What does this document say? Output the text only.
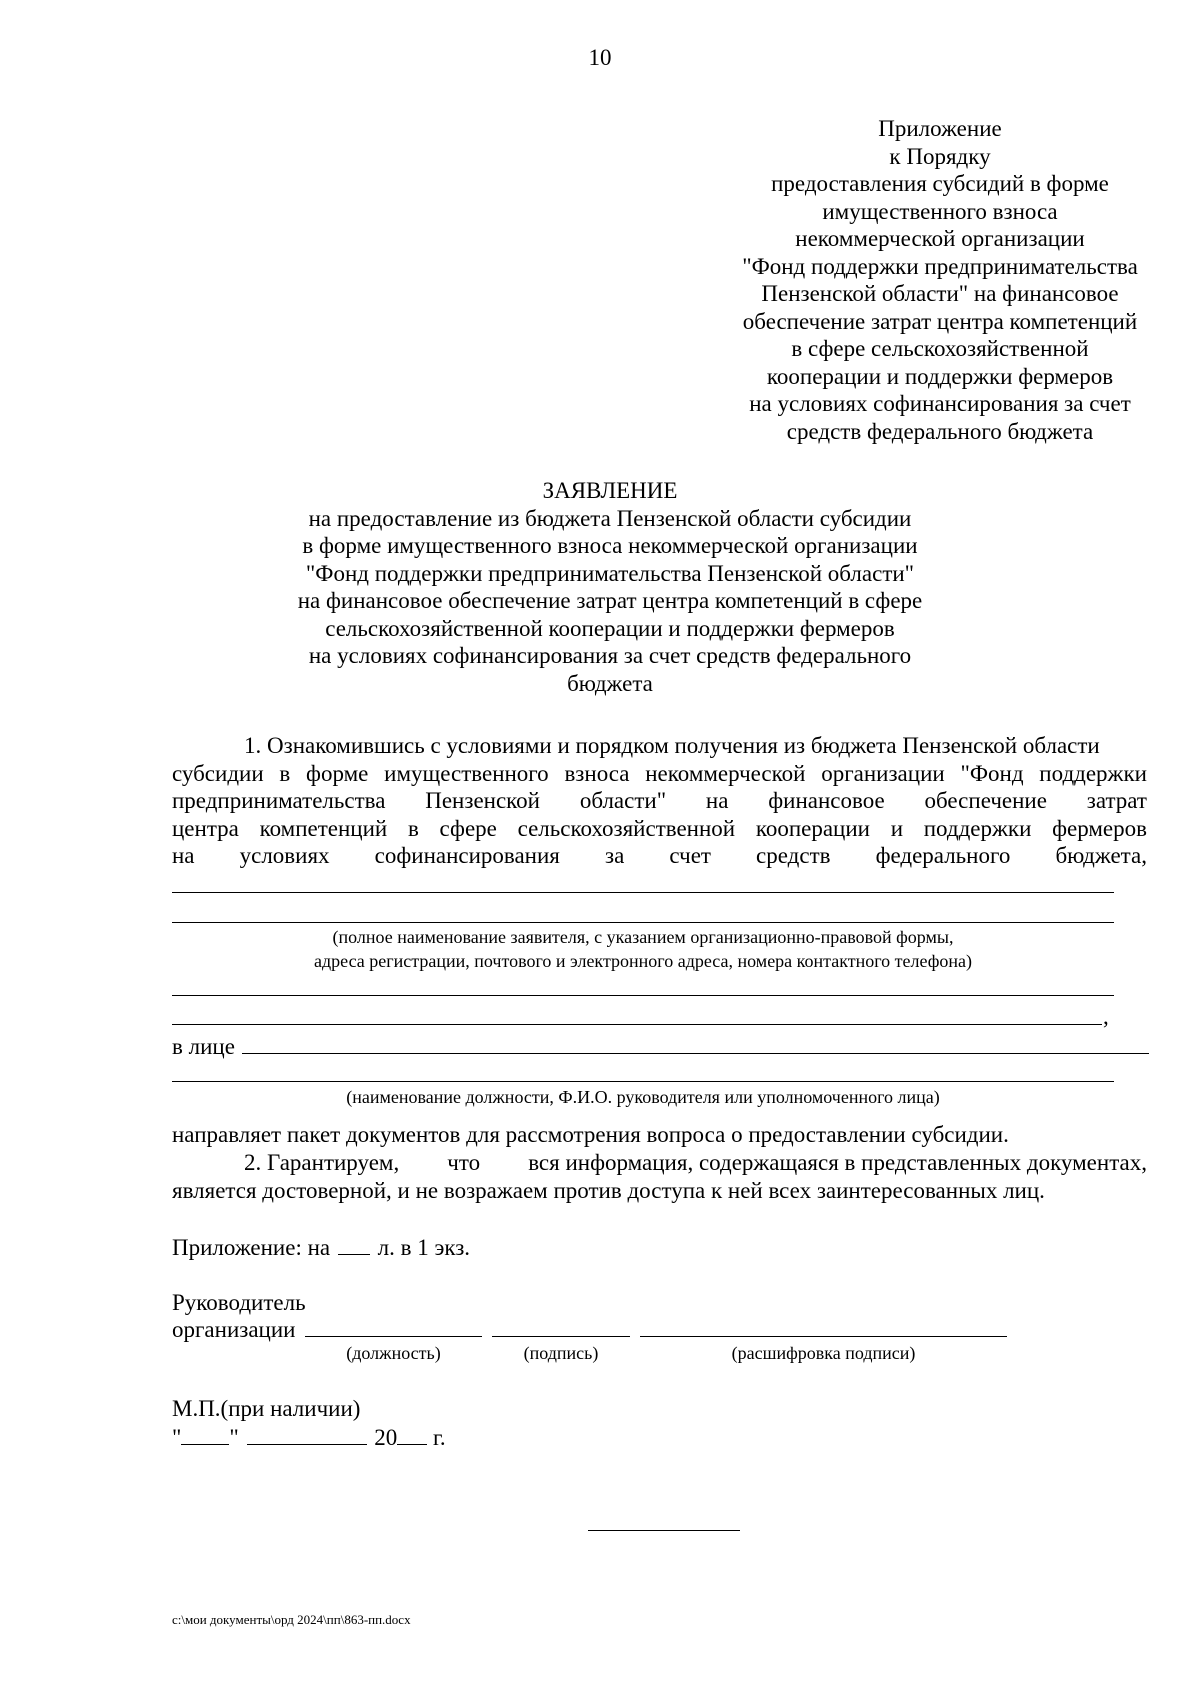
10
Приложение
к Порядку
предоставления субсидий в форме
имущественного взноса
некоммерческой организации
"Фонд поддержки предпринимательства
Пензенской области" на финансовое
обеспечение затрат центра компетенций
в сфере сельскохозяйственной
кооперации и поддержки фермеров
на условиях софинансирования за счет
средств федерального бюджета
ЗАЯВЛЕНИЕ
на предоставление из бюджета Пензенской области субсидии
в форме имущественного взноса некоммерческой организации
"Фонд поддержки предпринимательства Пензенской области"
на финансовое обеспечение затрат центра компетенций в сфере
сельскохозяйственной кооперации и поддержки фермеров
на условиях софинансирования за счет средств федерального
бюджета
1. Ознакомившись с условиями и порядком получения из бюджета Пензенской области
субсидии в форме имущественного взноса некоммерческой организации "Фонд поддержки
предпринимательства Пензенской области" на финансовое обеспечение затрат
центра компетенций в сфере сельскохозяйственной кооперации и поддержки фермеров
на условиях софинансирования за счет средств федерального бюджета,
(полное наименование заявителя, с указанием организационно-правовой формы,
адреса регистрации, почтового и электронного адреса, номера контактного телефона)
,
в лице
(наименование должности, Ф.И.О. руководителя или уполномоченного лица)
направляет пакет документов для рассмотрения вопроса о предоставлении субсидии.
2. Гарантируем, что вся информация, содержащаяся в представленных документах,
является достоверной, и не возражаем против доступа к ней всех заинтересованных лиц.
Приложение: на л. в 1 экз.
Руководитель
организации
(должность)	(подпись)	(расшифровка подписи)
М.П.(при наличии)
" "	20 г.
c:\мои документы\орд 2024\пп\863-пп.docx
